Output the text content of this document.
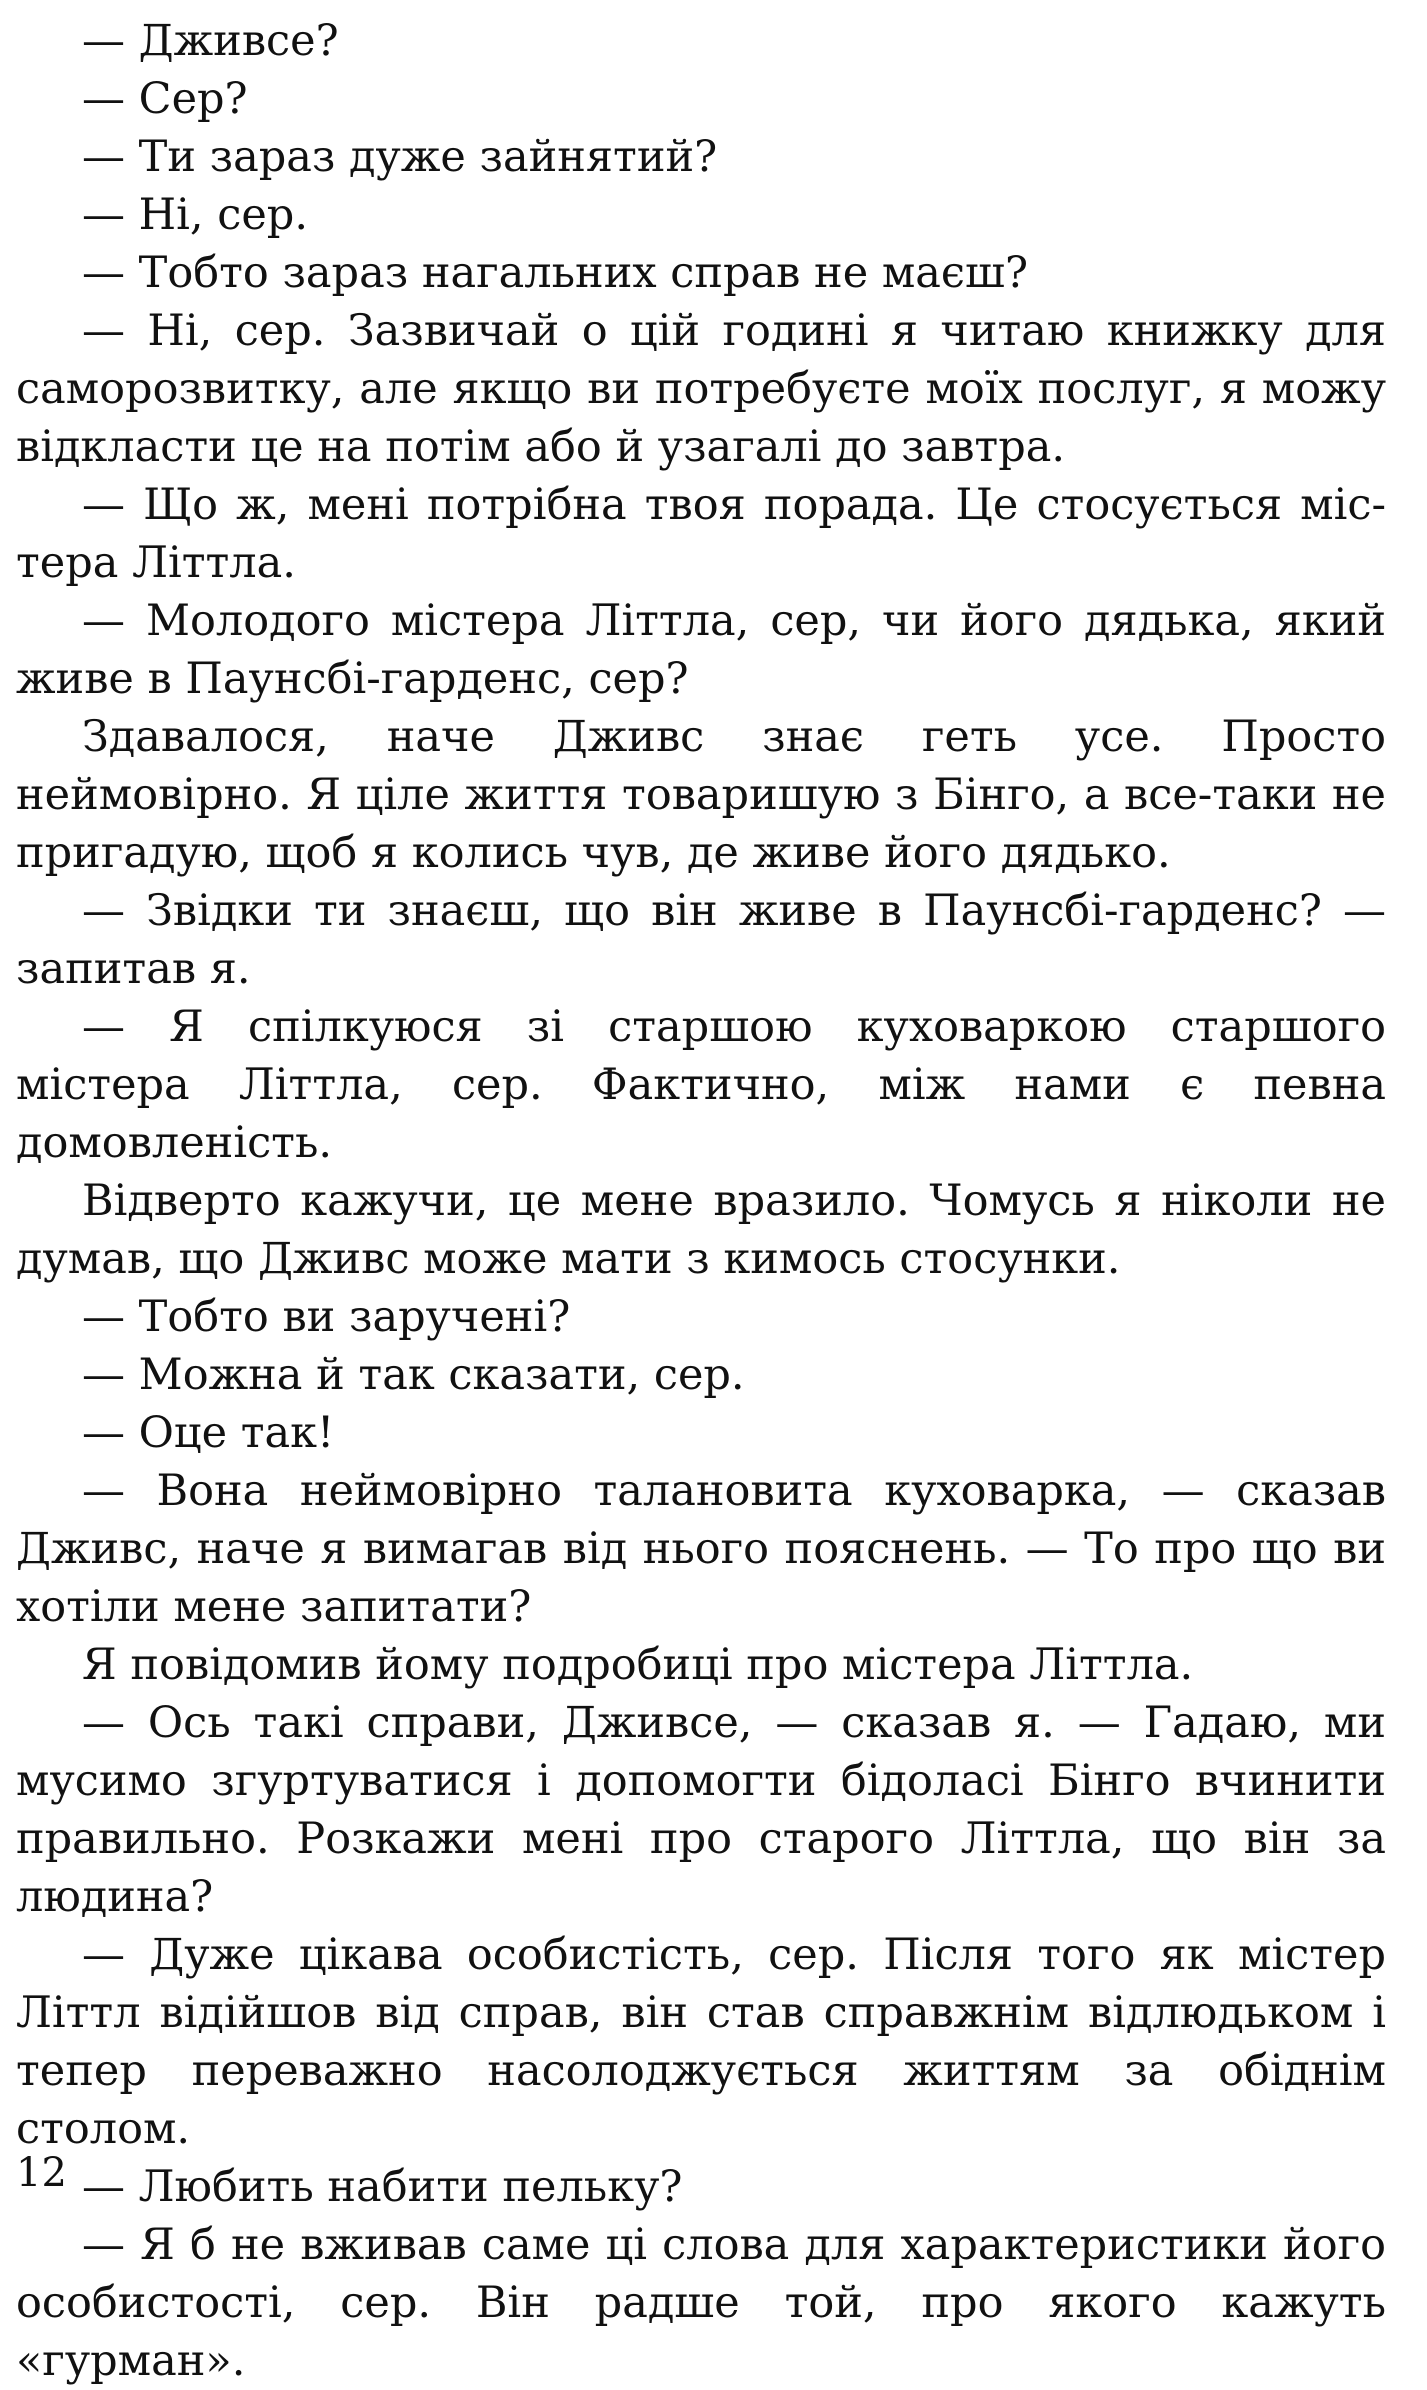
— Дживсе?

— Сер?

— Ти зараз дуже зайнятий?

— Ні, сер.

— Тобто зараз нагальних справ не маєш?

— Ні, сер. Зазвичай о цій годині я читаю книжку для саморозвитку, але якщо ви потребуєте моїх послуг, я можу відкласти це на потім або й узагалі до завтра.

— Що ж, мені потрібна твоя порада. Це стосується містера Літтла.

— Молодого містера Літтла, сер, чи його дядька, який живе в Паунсбі-гарденс, сер?

Здавалося, наче Дживс знає геть усе. Просто неймовірно. Я ціле життя товаришую з Бінго, а все-таки не пригадую, щоб я колись чув, де живе його дядько.

— Звідки ти знаєш, що він живе в Паунсбі-гарденс? — запитав я.

— Я спілкуюся зі старшою куховаркою старшого містера Літтла, сер. Фактично, між нами є певна домовленість.

Відверто кажучи, це мене вразило. Чомусь я ніколи не думав, що Дживс може мати з кимось стосунки.

— Тобто ви заручені?

— Можна й так сказати, сер.

— Оце так!

— Вона неймовірно талановита куховарка, — сказав Дживс, наче я вимагав від нього пояснень. — То про що ви хотіли мене запитати?

Я повідомив йому подробиці про містера Літтла.

— Ось такі справи, Дживсе, — сказав я. — Гадаю, ми мусимо згуртуватися і допомогти бідоласі Бінго вчинити правильно. Розкажи мені про старого Літтла, що він за людина?

— Дуже цікава особистість, сер. Після того як містер Літтл відійшов від справ, він став справжнім відлюдьком і тепер переважно насолоджується життям за обіднім столом.

— Любить набити пельку?

— Я б не вживав саме ці слова для характеристики його особистості, сер. Він радше той, про якого кажуть «гурман».

12
